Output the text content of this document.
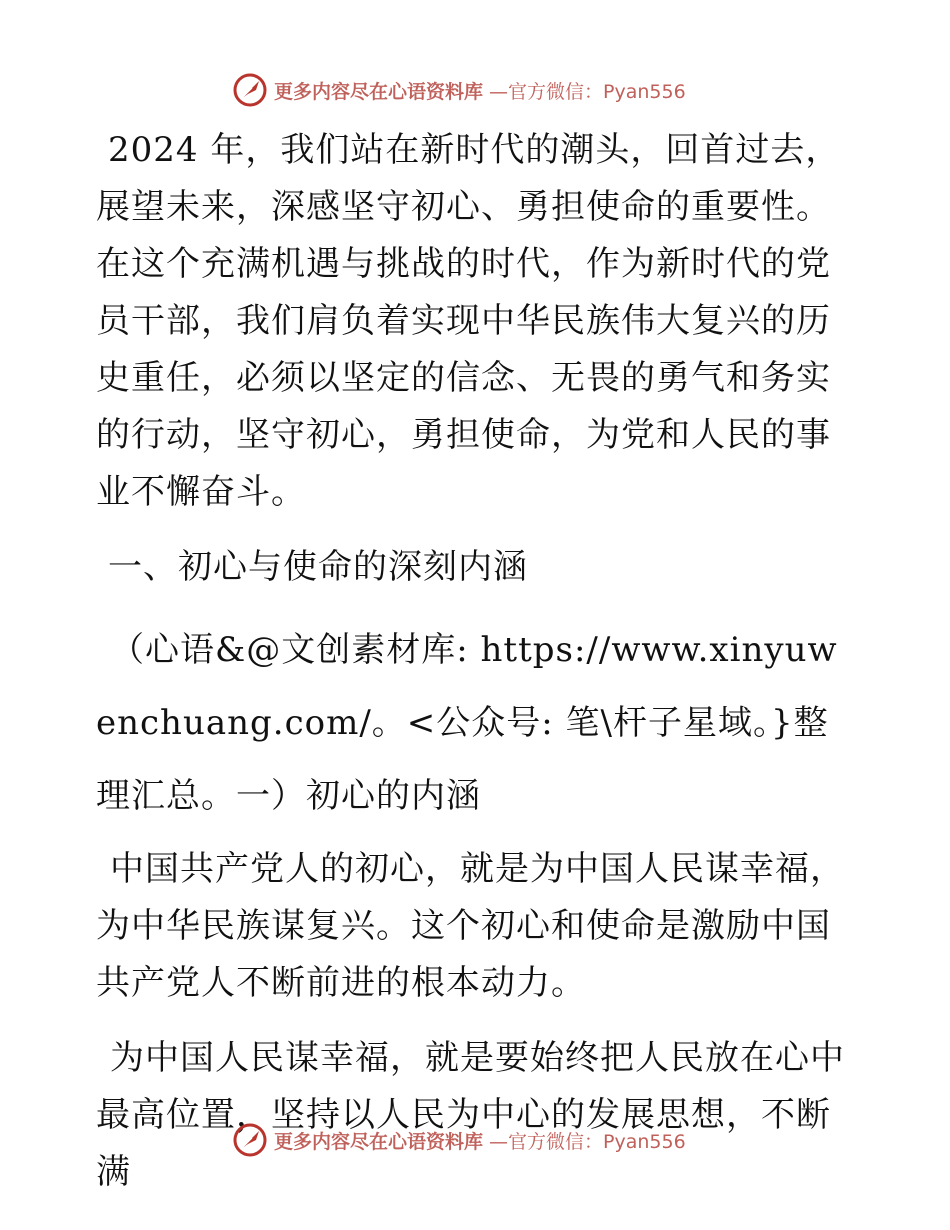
更多内容尽在心语资料库 —官方微信：Pyan556

2024 年，我们站在新时代的潮头，回首过去，展望未来，深感坚守初心、勇担使命的重要性。在这个充满机遇与挑战的时代，作为新时代的党员干部，我们肩负着实现中华民族伟大复兴的历史重任，必须以坚定的信念、无畏的勇气和务实的行动，坚守初心，勇担使命，为党和人民的事业不懈奋斗。

一、初心与使命的深刻内涵

（心语&@文创素材库: https://www.xinyuwenchuang.com/。<公众号: 笔\杆子星域。}整理汇总。一）初心的内涵

中国共产党人的初心，就是为中国人民谋幸福，为中华民族谋复兴。这个初心和使命是激励中国共产党人不断前进的根本动力。

为中国人民谋幸福，就是要始终把人民放在心中最高位置，坚持以人民为中心的发展思想，不断满

更多内容尽在心语资料库 —官方微信：Pyan556
